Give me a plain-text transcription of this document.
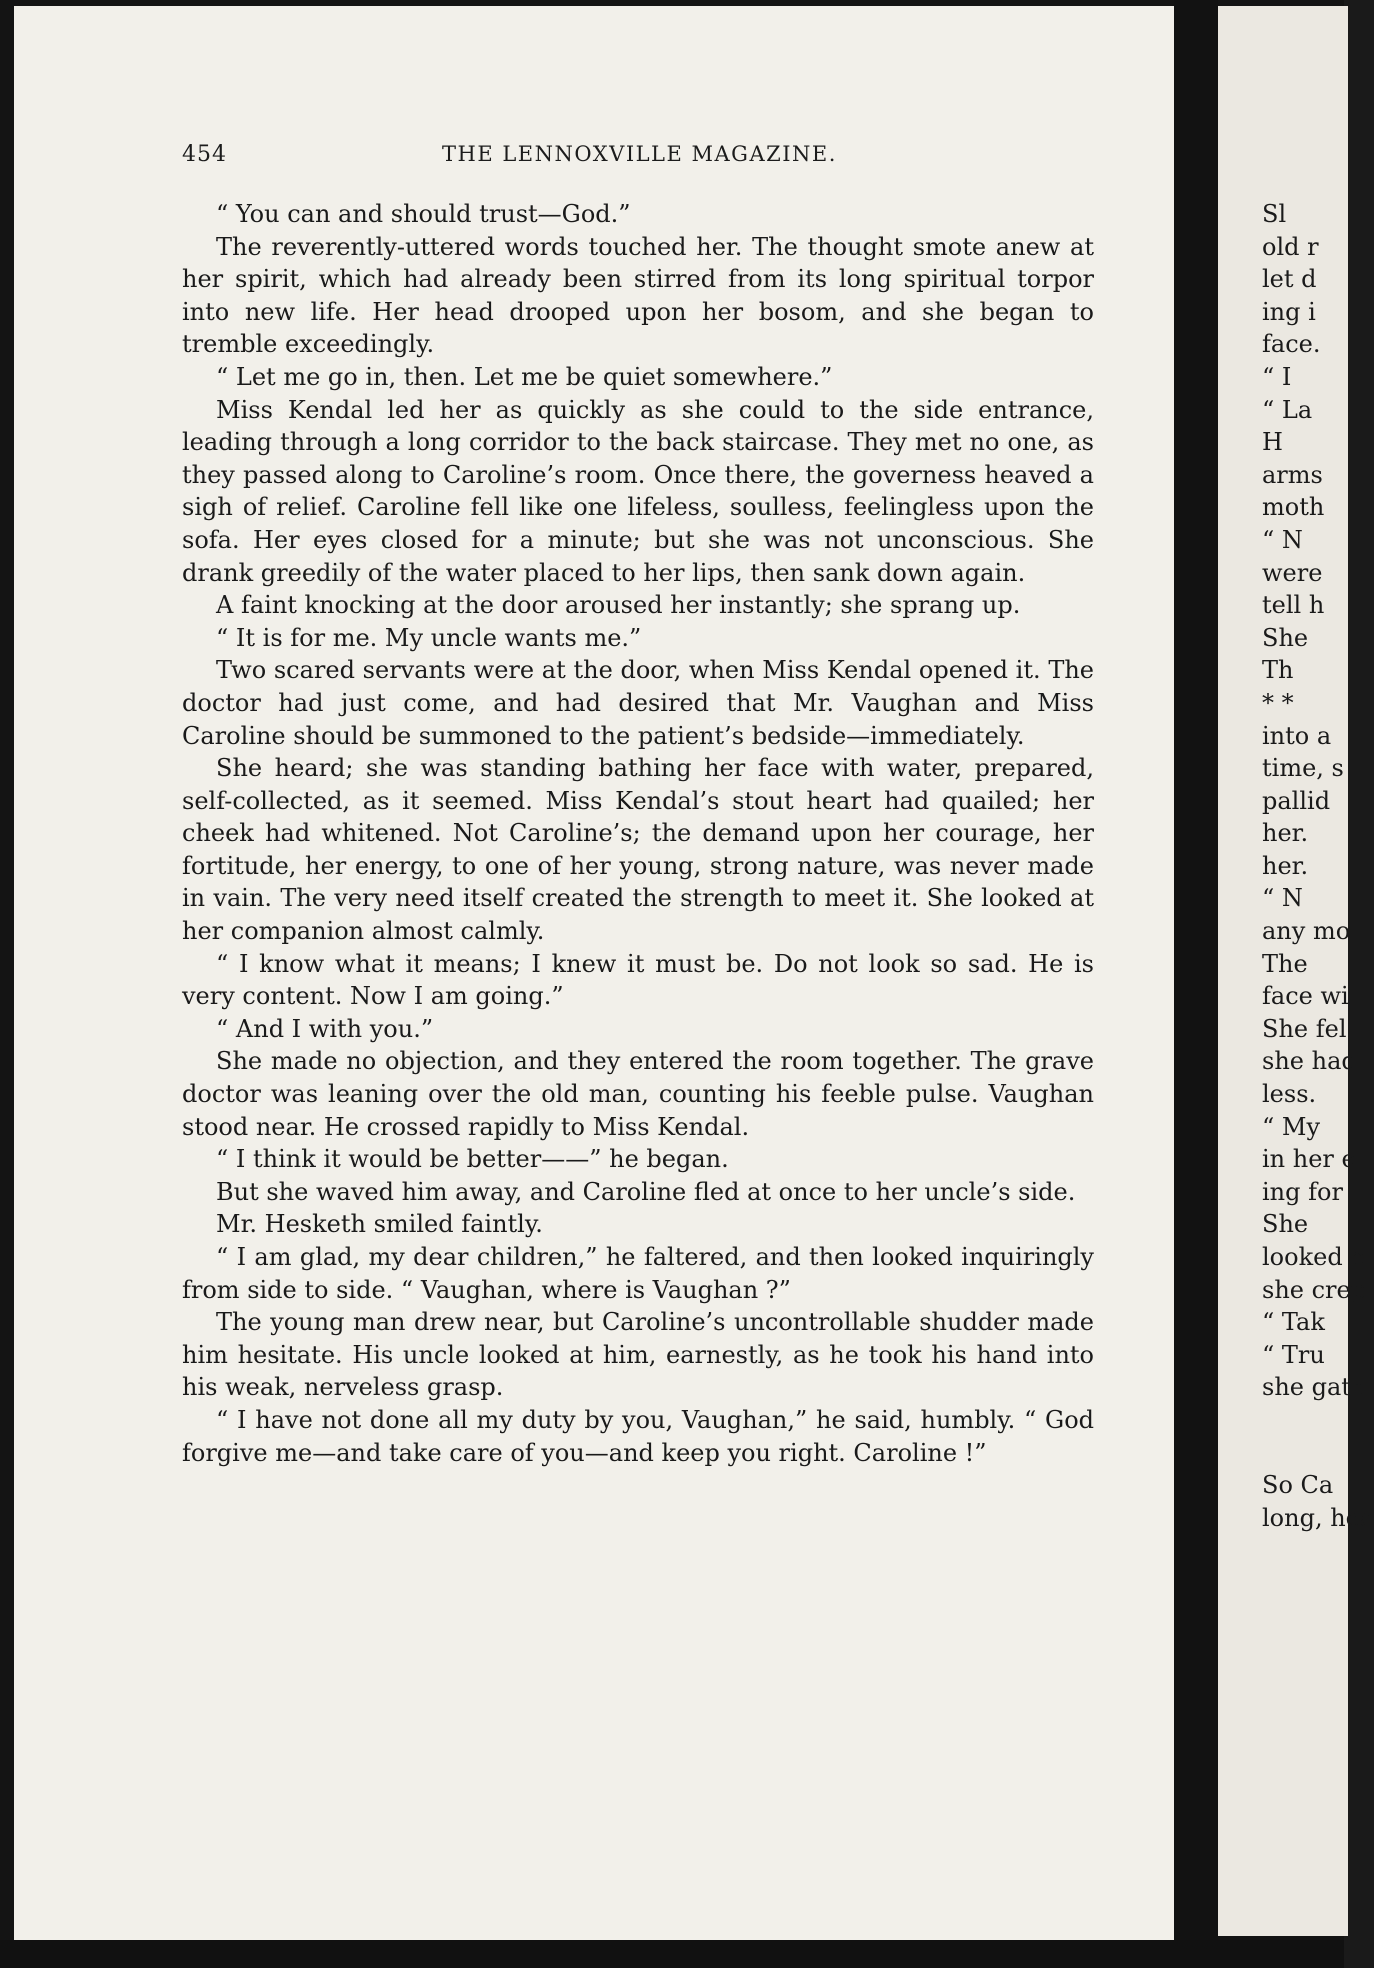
454	THE LENNOXVILLE MAGAZINE.

“ You can and should trust—God.”

The reverently-uttered words touched her. The thought smote anew at her spirit, which had already been stirred from its long spiritual torpor into new life. Her head drooped upon her bosom, and she began to tremble exceedingly.

“ Let me go in, then. Let me be quiet somewhere.”

Miss Kendal led her as quickly as she could to the side entrance, leading through a long corridor to the back staircase. They met no one, as they passed along to Caroline’s room. Once there, the governess heaved a sigh of relief. Caroline fell like one lifeless, soulless, feelingless upon the sofa. Her eyes closed for a minute; but she was not unconscious. She drank greedily of the water placed to her lips, then sank down again.

A faint knocking at the door aroused her instantly; she sprang up.

“ It is for me. My uncle wants me.”

Two scared servants were at the door, when Miss Kendal opened it. The doctor had just come, and had desired that Mr. Vaughan and Miss Caroline should be summoned to the patient’s bedside—immediately.

She heard; she was standing bathing her face with water, prepared, self-collected, as it seemed. Miss Kendal’s stout heart had quailed; her cheek had whitened. Not Caroline’s; the demand upon her courage, her fortitude, her energy, to one of her young, strong nature, was never made in vain. The very need itself created the strength to meet it. She looked at her companion almost calmly.

“ I know what it means; I knew it must be. Do not look so sad. He is very content. Now I am going.”

“ And I with you.”

She made no objection, and they entered the room together. The grave doctor was leaning over the old man, counting his feeble pulse. Vaughan stood near. He crossed rapidly to Miss Kendal.

“ I think it would be better——” he began.

But she waved him away, and Caroline fled at once to her uncle’s side.

Mr. Hesketh smiled faintly.

“ I am glad, my dear children,” he faltered, and then looked inquiringly from side to side. “ Vaughan, where is Vaughan ?”

The young man drew near, but Caroline’s uncontrollable shudder made him hesitate. His uncle looked at him, earnestly, as he took his hand into his weak, nerveless grasp.

“ I have not done all my duty by you, Vaughan,” he said, humbly. “ God forgive me—and take care of you—and keep you right. Caroline !”

Sl
old r
let d
ing i
face.
“ I
“ La
H
arms
moth
“ N
were
tell h
She
Th
* *
into a
time, s
pallid
her.
her.
“ N
any mo
The
face wi
She fel
she had
less.
“ My
in her e
ing for
She
looked e
she crep
“ Tak
“ Tru
she gath
So Ca
long, hea
